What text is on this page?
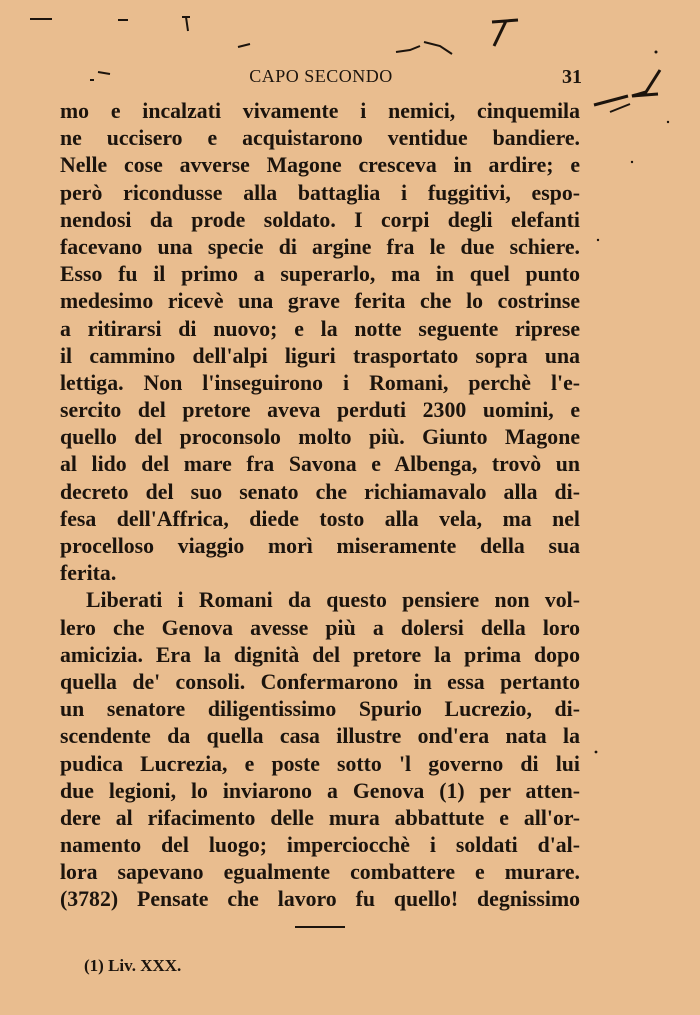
CAPO SECONDO	31
mo e incalzati vivamente i nemici, cinquemila
ne uccisero e acquistarono ventidue bandiere.
Nelle cose avverse Magone cresceva in ardire; e
però ricondusse alla battaglia i fuggitivi, espo-
nendosi da prode soldato. I corpi degli elefanti
facevano una specie di argine fra le due schiere.
Esso fu il primo a superarlo, ma in quel punto
medesimo ricevè una grave ferita che lo costrinse
a ritirarsi di nuovo; e la notte seguente riprese
il cammino dell'alpi liguri trasportato sopra una
lettiga. Non l'inseguirono i Romani, perchè l'e-
sercito del pretore aveva perduti 2300 uomini, e
quello del proconsolo molto più. Giunto Magone
al lido del mare fra Savona e Albenga, trovò un
decreto del suo senato che richiamavalo alla di-
fesa dell'Affrica, diede tosto alla vela, ma nel
procelloso viaggio morì miseramente della sua
ferita.
Liberati i Romani da questo pensiere non vol-
lero che Genova avesse più a dolersi della loro
amicizia. Era la dignità del pretore la prima dopo
quella de' consoli. Confermarono in essa pertanto
un senatore diligentissimo Spurio Lucrezio, di-
scendente da quella casa illustre ond'era nata la
pudica Lucrezia, e poste sotto 'l governo di lui
due legioni, lo inviarono a Genova (1) per atten-
dere al rifacimento delle mura abbattute e all'or-
namento del luogo; imperciocchè i soldati d'al-
lora sapevano egualmente combattere e murare.
(3782) Pensate che lavoro fu quello! degnissimo
(1) Liv. XXX.
